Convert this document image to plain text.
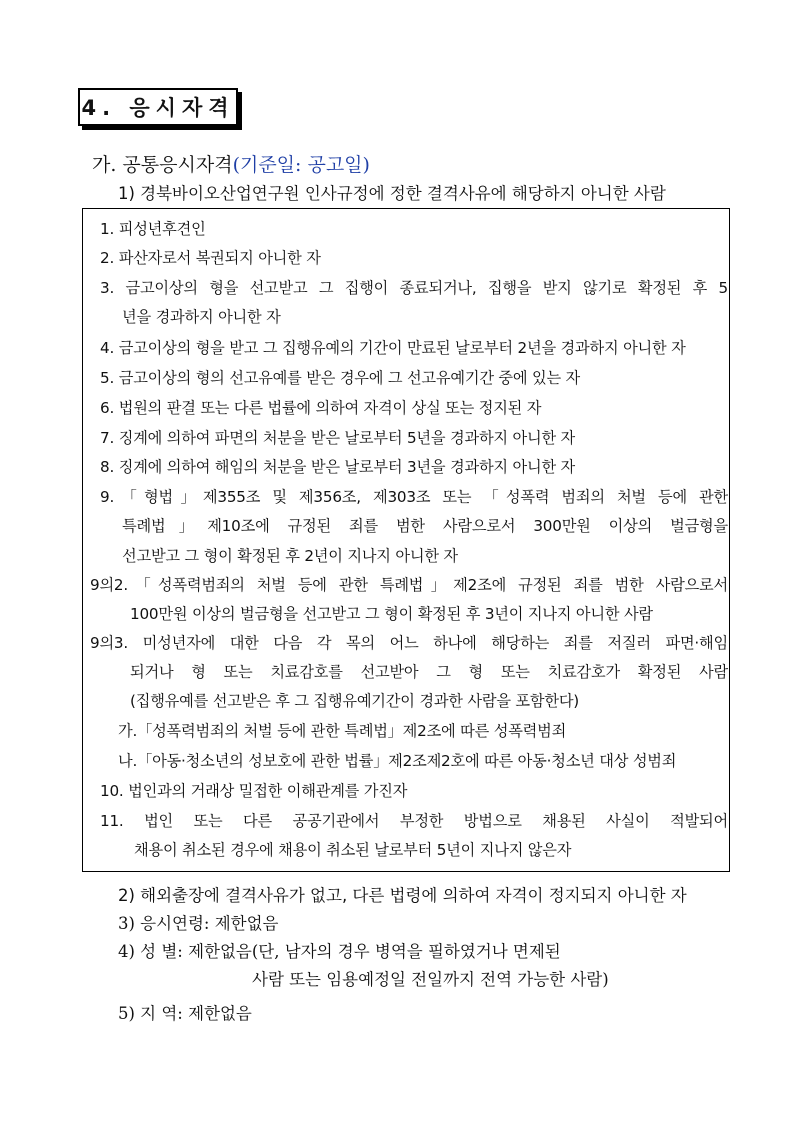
4. 응시자격
가. 공통응시자격(기준일: 공고일)
1) 경북바이오산업연구원 인사규정에 정한 결격사유에 해당하지 아니한 사람
1. 피성년후견인
2. 파산자로서 복권되지 아니한 자
3. 금고이상의 형을 선고받고 그 집행이 종료되거나, 집행을 받지 않기로 확정된 후 5
년을 경과하지 아니한 자
4. 금고이상의 형을 받고 그 집행유예의 기간이 만료된 날로부터 2년을 경과하지 아니한 자
5. 금고이상의 형의 선고유예를 받은 경우에 그 선고유예기간 중에 있는 자
6. 법원의 판결 또는 다른 법률에 의하여 자격이 상실 또는 정지된 자
7. 징계에 의하여 파면의 처분을 받은 날로부터 5년을 경과하지 아니한 자
8. 징계에 의하여 해임의 처분을 받은 날로부터 3년을 경과하지 아니한 자
9.「형법」제355조 및 제356조, 제303조 또는 「성폭력 범죄의 처벌 등에 관한
특례법」제10조에 규정된 죄를 범한 사람으로서 300만원 이상의 벌금형을
선고받고 그 형이 확정된 후 2년이 지나지 아니한 자
9의2.「성폭력범죄의 처벌 등에 관한 특례법」제2조에 규정된 죄를 범한 사람으로서
100만원 이상의 벌금형을 선고받고 그 형이 확정된 후 3년이 지나지 아니한 사람
9의3. 미성년자에 대한 다음 각 목의 어느 하나에 해당하는 죄를 저질러 파면·해임
되거나 형 또는 치료감호를 선고받아 그 형 또는 치료감호가 확정된 사람
(집행유예를 선고받은 후 그 집행유예기간이 경과한 사람을 포함한다)
가.「성폭력범죄의 처벌 등에 관한 특례법」제2조에 따른 성폭력범죄
나.「아동·청소년의 성보호에 관한 법률」제2조제2호에 따른 아동·청소년 대상 성범죄
10. 법인과의 거래상 밀접한 이해관계를 가진자
11. 법인 또는 다른 공공기관에서 부정한 방법으로 채용된 사실이 적발되어
채용이 취소된 경우에 채용이 취소된 날로부터 5년이 지나지 않은자
2) 해외출장에 결격사유가 없고, 다른 법령에 의하여 자격이 정지되지 아니한 자
3) 응시연령: 제한없음
4) 성 별: 제한없음(단, 남자의 경우 병역을 필하였거나 면제된
사람 또는 임용예정일 전일까지 전역 가능한 사람)
5) 지 역: 제한없음
